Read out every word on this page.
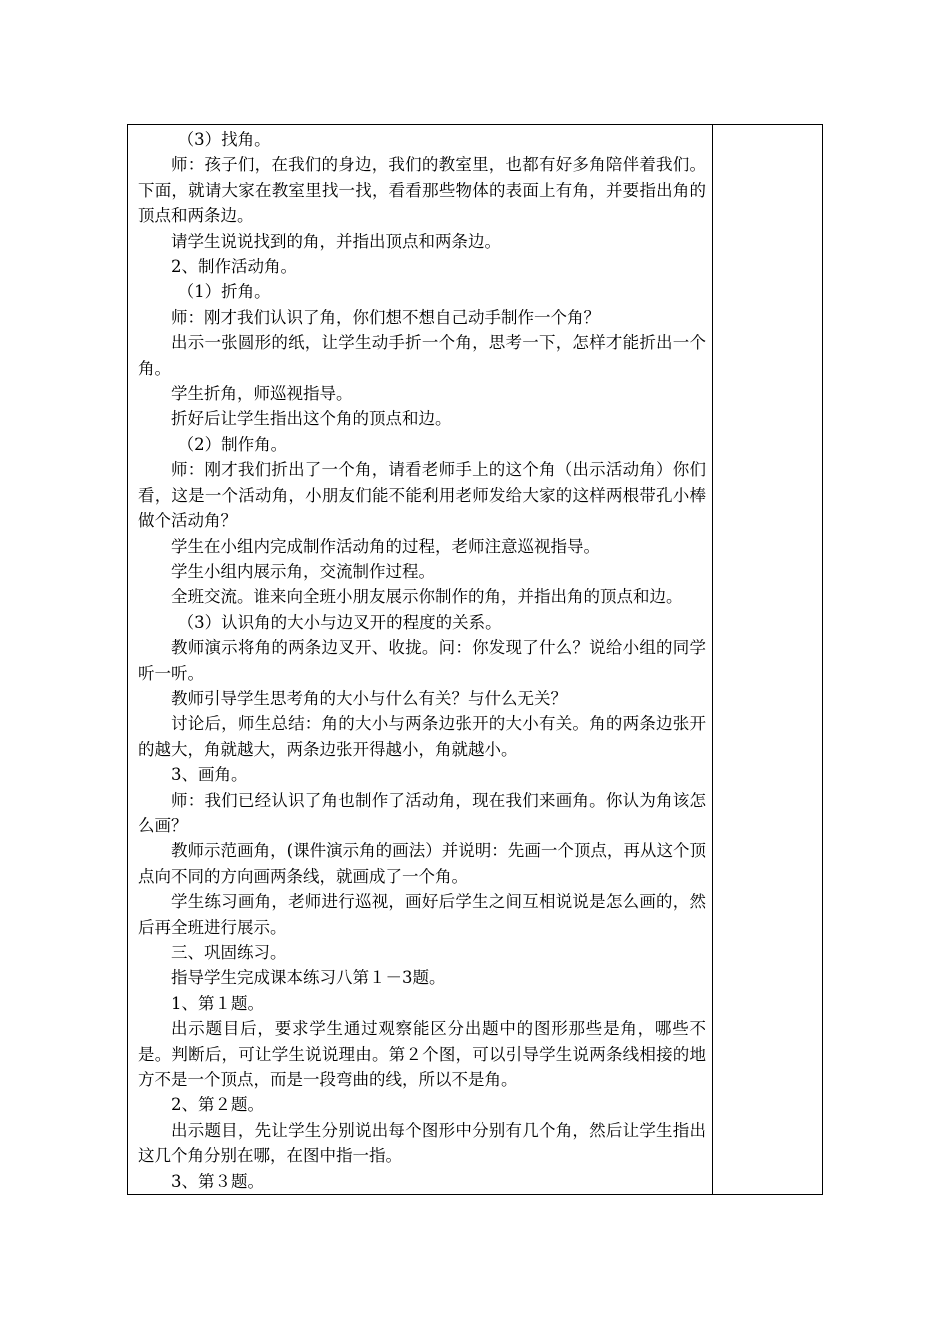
（3）找角。

师：孩子们，在我们的身边，我们的教室里，也都有好多角陪伴着我们。下面，就请大家在教室里找一找，看看那些物体的表面上有角，并要指出角的顶点和两条边。

请学生说说找到的角，并指出顶点和两条边。

2、制作活动角。

（1）折角。

师：刚才我们认识了角，你们想不想自己动手制作一个角？

出示一张圆形的纸，让学生动手折一个角，思考一下，怎样才能折出一个角。

学生折角，师巡视指导。

折好后让学生指出这个角的顶点和边。

（2）制作角。

师：刚才我们折出了一个角，请看老师手上的这个角（出示活动角）你们看，这是一个活动角，小朋友们能不能利用老师发给大家的这样两根带孔小棒做个活动角？

学生在小组内完成制作活动角的过程，老师注意巡视指导。

学生小组内展示角，交流制作过程。

全班交流。谁来向全班小朋友展示你制作的角，并指出角的顶点和边。

（3）认识角的大小与边叉开的程度的关系。

教师演示将角的两条边叉开、收拢。问：你发现了什么？说给小组的同学听一听。

教师引导学生思考角的大小与什么有关？与什么无关？

讨论后，师生总结：角的大小与两条边张开的大小有关。角的两条边张开的越大，角就越大，两条边张开得越小，角就越小。

3、画角。

师：我们已经认识了角也制作了活动角，现在我们来画角。你认为角该怎么画？

教师示范画角，(课件演示角的画法）并说明：先画一个顶点，再从这个顶点向不同的方向画两条线，就画成了一个角。

学生练习画角，老师进行巡视，画好后学生之间互相说说是怎么画的，然后再全班进行展示。

三、巩固练习。

指导学生完成课本练习八第１－3题。

1、第１题。

出示题目后，要求学生通过观察能区分出题中的图形那些是角，哪些不是。判断后，可让学生说说理由。第２个图，可以引导学生说两条线相接的地方不是一个顶点，而是一段弯曲的线，所以不是角。

2、第２题。

出示题目，先让学生分别说出每个图形中分别有几个角，然后让学生指出这几个角分别在哪，在图中指一指。

3、第３题。
